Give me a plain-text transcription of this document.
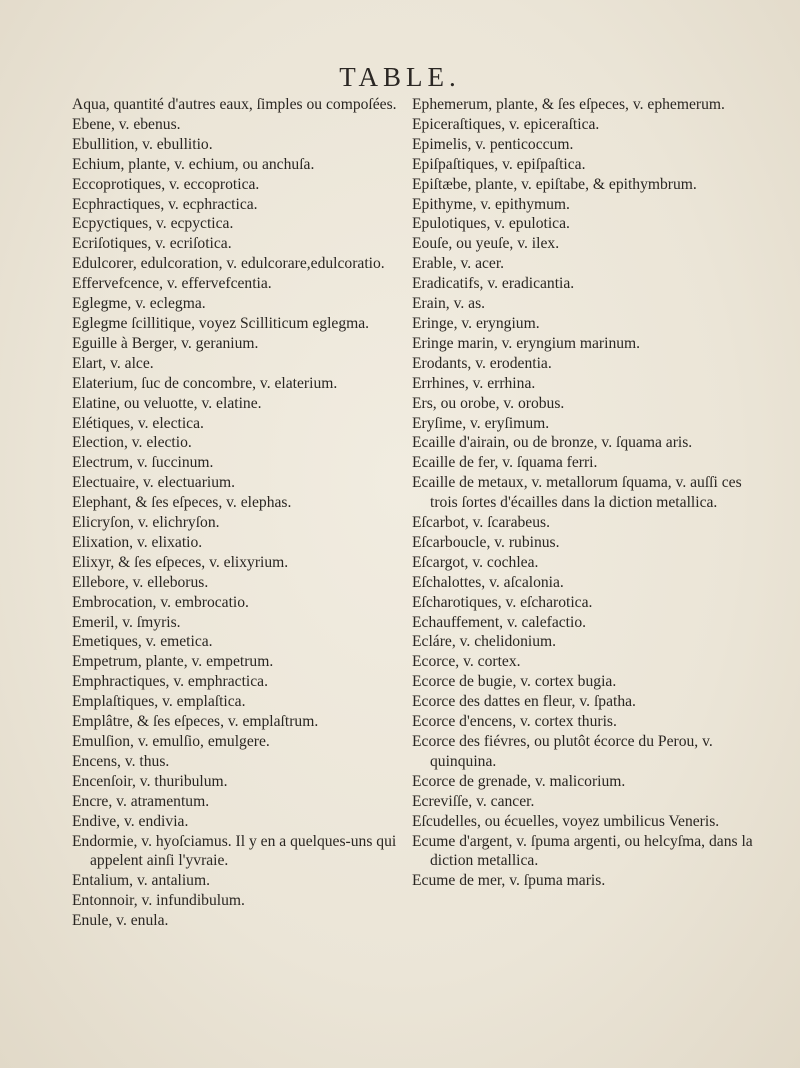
TABLE.

Aqua, quantité d'autres eaux, ſimples ou compoſées.

Ebene, v. ebenus.

Ebullition, v. ebullitio.

Echium, plante, v. echium, ou anchuſa.

Eccoprotiques, v. eccoprotica.

Ecphractiques, v. ecphractica.

Ecpyctiques, v. ecpyctica.

Ecriſotiques, v. ecriſotica.

Edulcorer, edulcoration, v. edulcorare,edulcoratio.

Effervefcence, v. effervefcentia.

Eglegme, v. eclegma.

Eglegme ſcillitique, voyez Scilliticum eglegma.

Eguille à Berger, v. geranium.

Elart, v. alce.

Elaterium, ſuc de concombre, v. elaterium.

Elatine, ou veluotte, v. elatine.

Elétiques, v. electica.

Election, v. electio.

Electrum, v. ſuccinum.

Electuaire, v. electuarium.

Elephant, & ſes eſpeces, v. elephas.

Elicryſon, v. elichryſon.

Elixation, v. elixatio.

Elixyr, & ſes eſpeces, v. elixyrium.

Ellebore, v. elleborus.

Embrocation, v. embrocatio.

Emeril, v. ſmyris.

Emetiques, v. emetica.

Empetrum, plante, v. empetrum.

Emphractiques, v. emphractica.

Emplaſtiques, v. emplaſtica.

Emplâtre, & ſes eſpeces, v. emplaſtrum.

Emulſion, v. emulſio, emulgere.

Encens, v. thus.

Encenſoir, v. thuribulum.

Encre, v. atramentum.

Endive, v. endivia.

Endormie, v. hyoſciamus. Il y en a quelques-uns qui appelent ainſi l'yvraie.

Entalium, v. antalium.

Entonnoir, v. infundibulum.

Enule, v. enula.

Ephemerum, plante, & ſes eſpeces, v. ephemerum.

Epiceraſtiques, v. epiceraſtica.

Epimelis, v. penticoccum.

Epiſpaſtiques, v. epiſpaſtica.

Epiſtæbe, plante, v. epiſtabe, & epithymbrum.

Epithyme, v. epithymum.

Epulotiques, v. epulotica.

Eouſe, ou yeuſe, v. ilex.

Erable, v. acer.

Eradicatifs, v. eradicantia.

Erain, v. as.

Eringe, v. eryngium.

Eringe marin, v. eryngium marinum.

Erodants, v. erodentia.

Errhines, v. errhina.

Ers, ou orobe, v. orobus.

Eryſime, v. eryſimum.

Ecaille d'airain, ou de bronze, v. ſquama aris.

Ecaille de fer, v. ſquama ferri.

Ecaille de metaux, v. metallorum ſquama, v. auſſi ces trois ſortes d'écailles dans la diction metallica.

Eſcarbot, v. ſcarabeus.

Eſcarboucle, v. rubinus.

Eſcargot, v. cochlea.

Eſchalottes, v. aſcalonia.

Eſcharotiques, v. eſcharotica.

Echauffement, v. calefactio.

Ecláre, v. chelidonium.

Ecorce, v. cortex.

Ecorce de bugie, v. cortex bugia.

Ecorce des dattes en fleur, v. ſpatha.

Ecorce d'encens, v. cortex thuris.

Ecorce des fiévres, ou plutôt écorce du Perou, v. quinquina.

Ecorce de grenade, v. malicorium.

Ecreviſſe, v. cancer.

Eſcudelles, ou écuelles, voyez umbilicus Veneris.

Ecume d'argent, v. ſpuma argenti, ou helcyſma, dans la diction metallica.

Ecume de mer, v. ſpuma maris.
